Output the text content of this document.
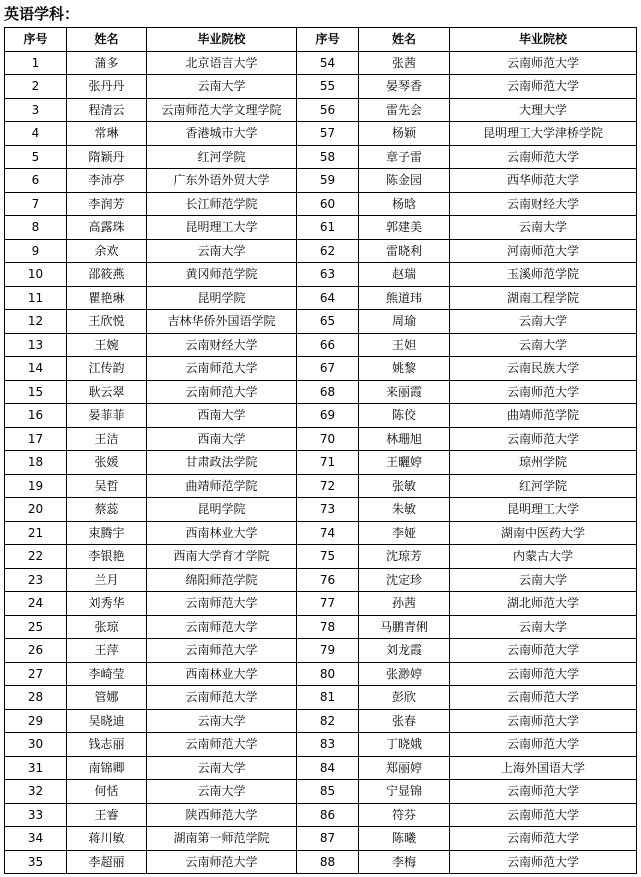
英语学科：
序号	姓名	毕业院校	序号	姓名	毕业院校
1	蒲多	北京语言大学	54	张茜	云南师范大学
2	张丹丹	云南大学	55	晏琴香	云南师范大学
3	程清云	云南师范大学文理学院	56	雷先会	大理大学
4	常琳	香港城市大学	57	杨颖	昆明理工大学津桥学院
5	隋颖丹	红河学院	58	章子雷	云南师范大学
6	李沛亭	广东外语外贸大学	59	陈金园	西华师范大学
7	李润芳	长江师范学院	60	杨晗	云南财经大学
8	高露珠	昆明理工大学	61	郭建美	云南大学
9	余欢	云南大学	62	雷晓利	河南师范大学
10	邵筱燕	黄冈师范学院	63	赵瑞	玉溪师范学院
11	瞿艳琳	昆明学院	64	熊道玮	湖南工程学院
12	王欣悦	吉林华侨外国语学院	65	周瑜	云南大学
13	王婉	云南财经大学	66	王妲	云南大学
14	江传韵	云南师范大学	67	姚黎	云南民族大学
15	耿云翠	云南师范大学	68	来丽霞	云南师范大学
16	晏菲菲	西南大学	69	陈佼	曲靖师范学院
17	王洁	西南大学	70	林珊旭	云南师范大学
18	张媛	甘肃政法学院	71	王曬婷	琼州学院
19	吴哲	曲靖师范学院	72	张敏	红河学院
20	蔡蕊	昆明学院	73	朱敏	昆明理工大学
21	束腾宇	西南林业大学	74	李娅	湖南中医药大学
22	李银艳	西南大学育才学院	75	沈琼芳	内蒙古大学
23	兰月	绵阳师范学院	76	沈定珍	云南大学
24	刘秀华	云南师范大学	77	孙茜	湖北师范大学
25	张琼	云南师范大学	78	马鹏青俐	云南大学
26	王萍	云南师范大学	79	刘龙霞	云南师范大学
27	李崎莹	西南林业大学	80	张渺婷	云南师范大学
28	管娜	云南师范大学	81	彭欣	云南师范大学
29	吴晓迪	云南大学	82	张春	云南师范大学
30	钱志丽	云南师范大学	83	丁晓娥	云南师范大学
31	南锦卿	云南大学	84	郑丽婷	上海外国语大学
32	何恬	云南大学	85	宁显锦	云南师范大学
33	王睿	陕西师范大学	86	符芬	云南师范大学
34	蒋川敏	湖南第一师范学院	87	陈曦	云南师范大学
35	李超丽	云南师范大学	88	李梅	云南师范大学
